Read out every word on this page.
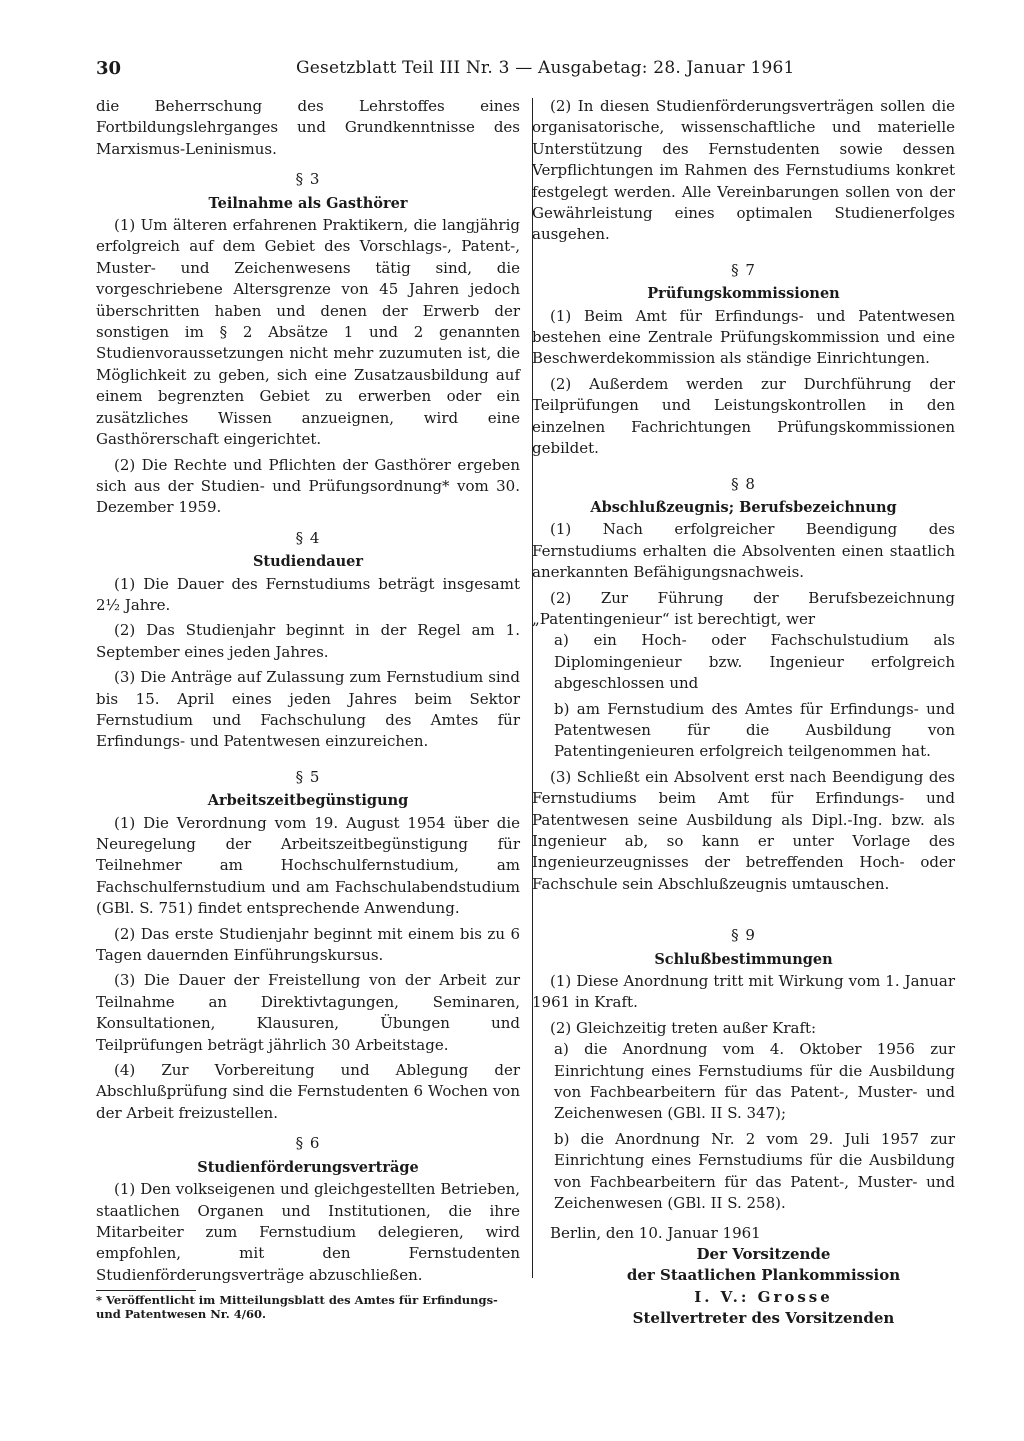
30	Gesetzblatt Teil III Nr. 3 — Ausgabetag: 28. Januar 1961

die Beherrschung des Lehrstoffes eines Fortbildungslehrganges und Grundkenntnisse des Marxismus-Leninismus.

§ 3
Teilnahme als Gasthörer

(1) Um älteren erfahrenen Praktikern, die langjährig erfolgreich auf dem Gebiet des Vorschlags-, Patent-, Muster- und Zeichenwesens tätig sind, die vorgeschriebene Altersgrenze von 45 Jahren jedoch überschritten haben und denen der Erwerb der sonstigen im § 2 Absätze 1 und 2 genannten Studienvoraussetzungen nicht mehr zuzumuten ist, die Möglichkeit zu geben, sich eine Zusatzausbildung auf einem begrenzten Gebiet zu erwerben oder ein zusätzliches Wissen anzueignen, wird eine Gasthörerschaft eingerichtet.

(2) Die Rechte und Pflichten der Gasthörer ergeben sich aus der Studien- und Prüfungsordnung* vom 30. Dezember 1959.

§ 4
Studiendauer

(1) Die Dauer des Fernstudiums beträgt insgesamt 2½ Jahre.

(2) Das Studienjahr beginnt in der Regel am 1. September eines jeden Jahres.

(3) Die Anträge auf Zulassung zum Fernstudium sind bis 15. April eines jeden Jahres beim Sektor Fernstudium und Fachschulung des Amtes für Erfindungs- und Patentwesen einzureichen.

§ 5
Arbeitszeitbegünstigung

(1) Die Verordnung vom 19. August 1954 über die Neuregelung der Arbeitszeitbegünstigung für Teilnehmer am Hochschulfernstudium, am Fachschulfernstudium und am Fachschulabendstudium (GBl. S. 751) findet entsprechende Anwendung.

(2) Das erste Studienjahr beginnt mit einem bis zu 6 Tagen dauernden Einführungskursus.

(3) Die Dauer der Freistellung von der Arbeit zur Teilnahme an Direktivtagungen, Seminaren, Konsultationen, Klausuren, Übungen und Teilprüfungen beträgt jährlich 30 Arbeitstage.

(4) Zur Vorbereitung und Ablegung der Abschlußprüfung sind die Fernstudenten 6 Wochen von der Arbeit freizustellen.

§ 6
Studienförderungsverträge

(1) Den volkseigenen und gleichgestellten Betrieben, staatlichen Organen und Institutionen, die ihre Mitarbeiter zum Fernstudium delegieren, wird empfohlen, mit den Fernstudenten Studienförderungsverträge abzuschließen.

* Veröffentlicht im Mitteilungsblatt des Amtes für Erfindungs- und Patentwesen Nr. 4/60.

(2) In diesen Studienförderungsverträgen sollen die organisatorische, wissenschaftliche und materielle Unterstützung des Fernstudenten sowie dessen Verpflichtungen im Rahmen des Fernstudiums konkret festgelegt werden. Alle Vereinbarungen sollen von der Gewährleistung eines optimalen Studienerfolges ausgehen.

§ 7
Prüfungskommissionen

(1) Beim Amt für Erfindungs- und Patentwesen bestehen eine Zentrale Prüfungskommission und eine Beschwerdekommission als ständige Einrichtungen.

(2) Außerdem werden zur Durchführung der Teilprüfungen und Leistungskontrollen in den einzelnen Fachrichtungen Prüfungskommissionen gebildet.

§ 8
Abschlußzeugnis; Berufsbezeichnung

(1) Nach erfolgreicher Beendigung des Fernstudiums erhalten die Absolventen einen staatlich anerkannten Befähigungsnachweis.

(2) Zur Führung der Berufsbezeichnung „Patentingenieur“ ist berechtigt, wer

a) ein Hoch- oder Fachschulstudium als Diplomingenieur bzw. Ingenieur erfolgreich abgeschlossen und

b) am Fernstudium des Amtes für Erfindungs- und Patentwesen für die Ausbildung von Patentingenieuren erfolgreich teilgenommen hat.

(3) Schließt ein Absolvent erst nach Beendigung des Fernstudiums beim Amt für Erfindungs- und Patentwesen seine Ausbildung als Dipl.-Ing. bzw. als Ingenieur ab, so kann er unter Vorlage des Ingenieurzeugnisses der betreffenden Hoch- oder Fachschule sein Abschlußzeugnis umtauschen.

§ 9
Schlußbestimmungen

(1) Diese Anordnung tritt mit Wirkung vom 1. Januar 1961 in Kraft.

(2) Gleichzeitig treten außer Kraft:

a) die Anordnung vom 4. Oktober 1956 zur Einrichtung eines Fernstudiums für die Ausbildung von Fachbearbeitern für das Patent-, Muster- und Zeichenwesen (GBl. II S. 347);

b) die Anordnung Nr. 2 vom 29. Juli 1957 zur Einrichtung eines Fernstudiums für die Ausbildung von Fachbearbeitern für das Patent-, Muster- und Zeichenwesen (GBl. II S. 258).

Berlin, den 10. Januar 1961

Der Vorsitzende

der Staatlichen Plankommission

I. V.: Grosse

Stellvertreter des Vorsitzenden
